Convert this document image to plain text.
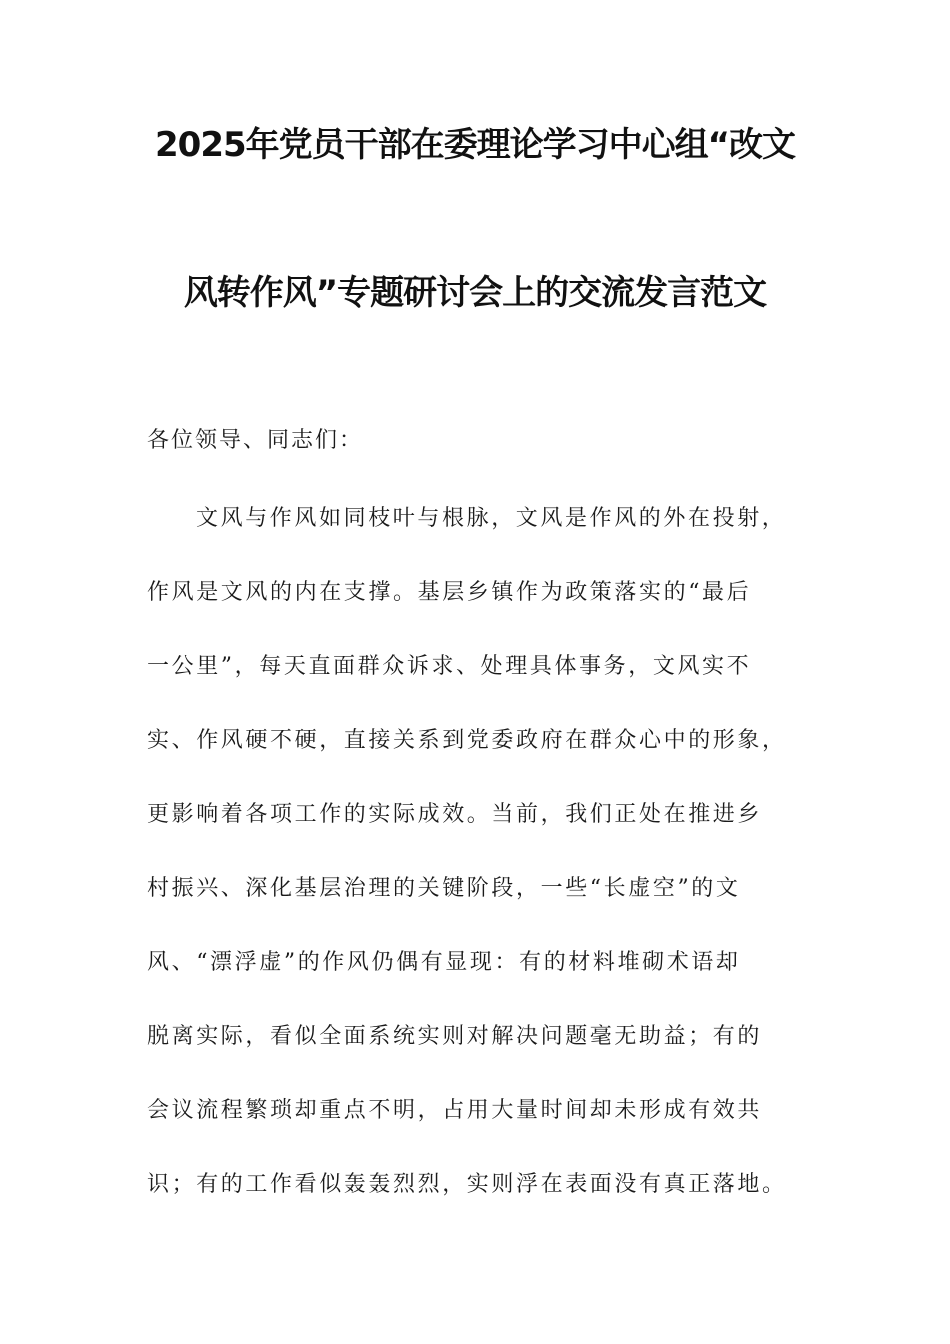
2025年党员干部在委理论学习中心组“改文
风转作风”专题研讨会上的交流发言范文
各位领导、同志们：
文风与作风如同枝叶与根脉，文风是作风的外在投射，
作风是文风的内在支撑。基层乡镇作为政策落实的“最后
一公里”，每天直面群众诉求、处理具体事务，文风实不
实、作风硬不硬，直接关系到党委政府在群众心中的形象，
更影响着各项工作的实际成效。当前，我们正处在推进乡
村振兴、深化基层治理的关键阶段，一些“长虚空”的文
风、“漂浮虚”的作风仍偶有显现：有的材料堆砌术语却
脱离实际，看似全面系统实则对解决问题毫无助益；有的
会议流程繁琐却重点不明，占用大量时间却未形成有效共
识；有的工作看似轰轰烈烈，实则浮在表面没有真正落地。
